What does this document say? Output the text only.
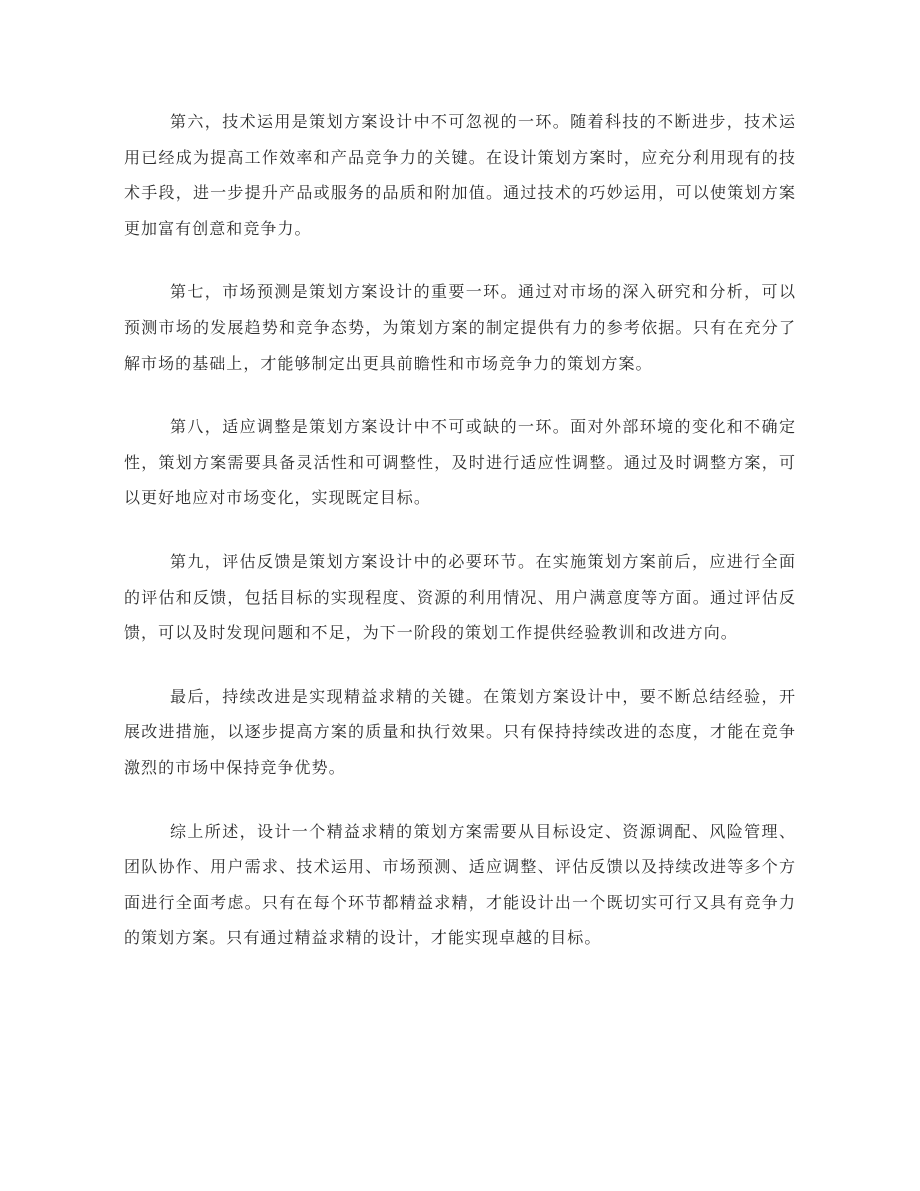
第六，技术运用是策划方案设计中不可忽视的一环。随着科技的不断进步，技术运用已经成为提高工作效率和产品竞争力的关键。在设计策划方案时，应充分利用现有的技术手段，进一步提升产品或服务的品质和附加值。通过技术的巧妙运用，可以使策划方案更加富有创意和竞争力。

第七，市场预测是策划方案设计的重要一环。通过对市场的深入研究和分析，可以预测市场的发展趋势和竞争态势，为策划方案的制定提供有力的参考依据。只有在充分了解市场的基础上，才能够制定出更具前瞻性和市场竞争力的策划方案。

第八，适应调整是策划方案设计中不可或缺的一环。面对外部环境的变化和不确定性，策划方案需要具备灵活性和可调整性，及时进行适应性调整。通过及时调整方案，可以更好地应对市场变化，实现既定目标。

第九，评估反馈是策划方案设计中的必要环节。在实施策划方案前后，应进行全面的评估和反馈，包括目标的实现程度、资源的利用情况、用户满意度等方面。通过评估反馈，可以及时发现问题和不足，为下一阶段的策划工作提供经验教训和改进方向。

最后，持续改进是实现精益求精的关键。在策划方案设计中，要不断总结经验，开展改进措施，以逐步提高方案的质量和执行效果。只有保持持续改进的态度，才能在竞争激烈的市场中保持竞争优势。

综上所述，设计一个精益求精的策划方案需要从目标设定、资源调配、风险管理、团队协作、用户需求、技术运用、市场预测、适应调整、评估反馈以及持续改进等多个方面进行全面考虑。只有在每个环节都精益求精，才能设计出一个既切实可行又具有竞争力的策划方案。只有通过精益求精的设计，才能实现卓越的目标。
